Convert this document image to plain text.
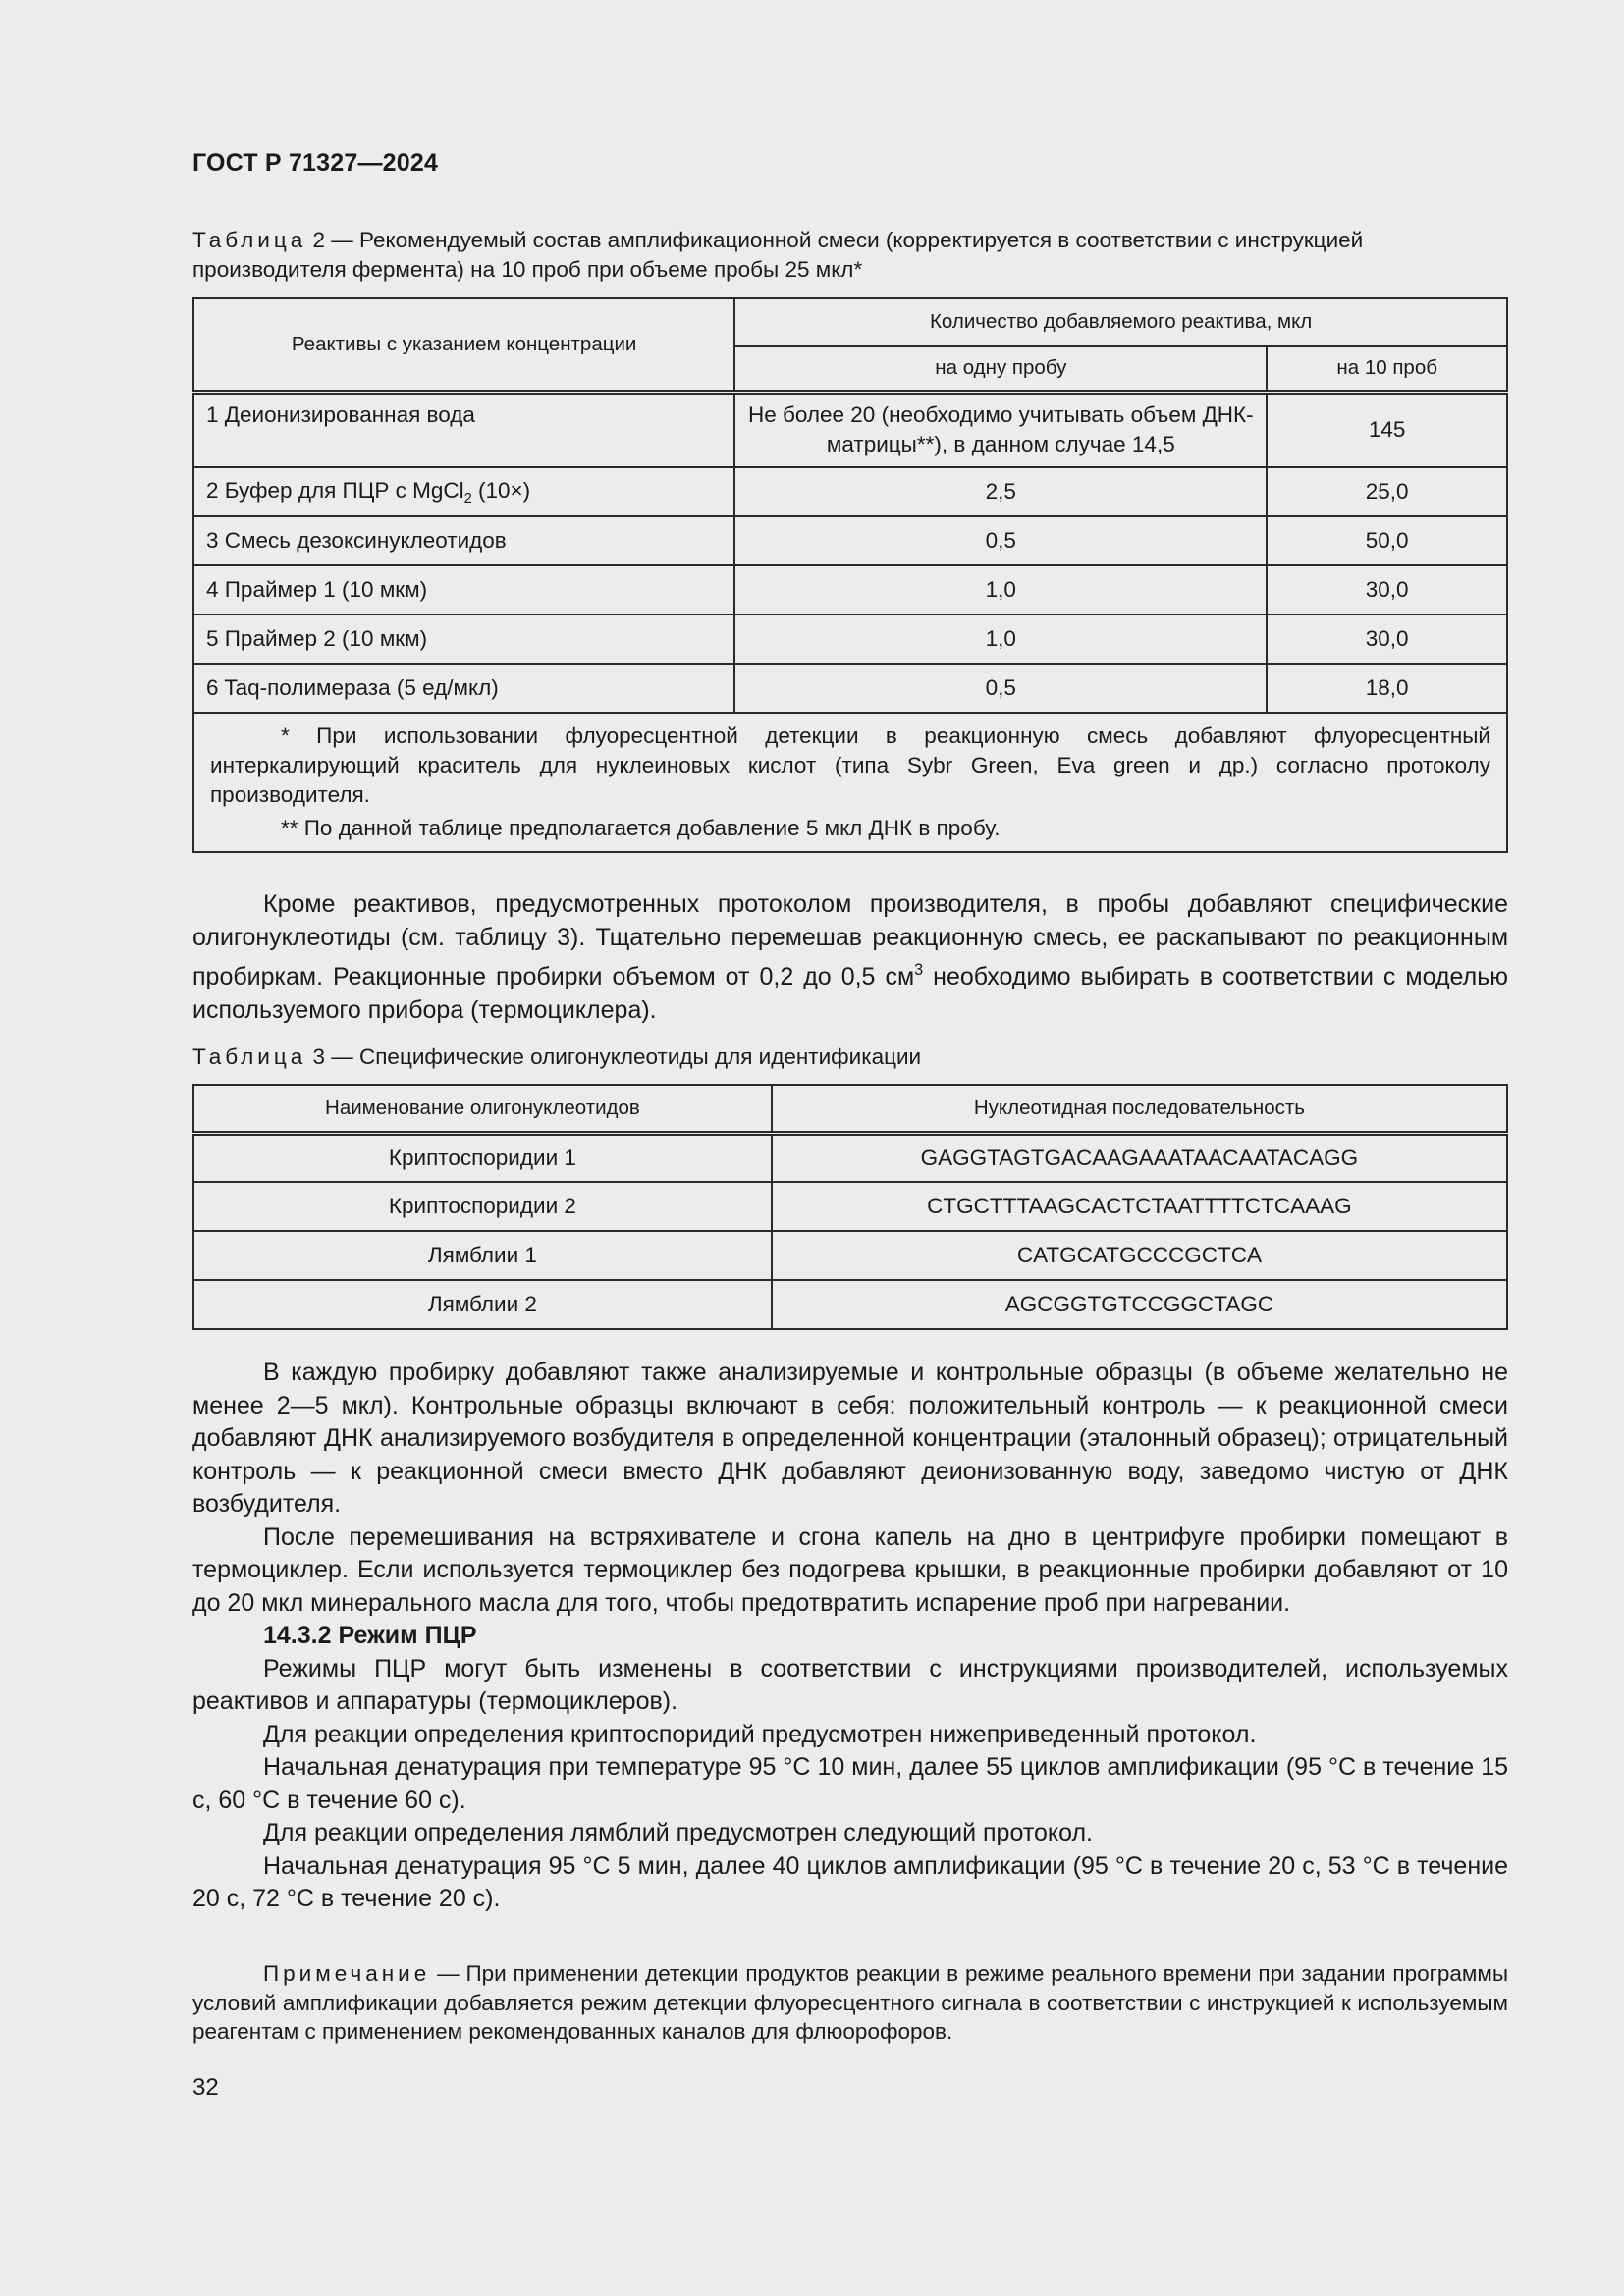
ГОСТ Р 71327—2024
Таблица 2 — Рекомендуемый состав амплификационной смеси (корректируется в соответствии с инструкцией производителя фермента) на 10 проб при объеме пробы 25 мкл*
Реактивы с указанием концентрации	Количество добавляемого реактива, мкл	
	на одну пробу	на 10 проб
1 Деионизированная вода	Не более 20 (необходимо учитывать объем ДНК-матрицы**), в данном случае 14,5	145
2 Буфер для ПЦР с MgCl$_2$ (10×)	2,5	25,0
3 Смесь дезоксинуклеотидов	0,5	50,0
4 Праймер 1 (10 мкм)	1,0	30,0
5 Праймер 2 (10 мкм)	1,0	30,0
6 Taq-полимераза (5 ед/мкл)	0,5	18,0

* При использовании флуоресцентной детекции в реакционную смесь добавляют флуоресцентный интеркалирующий краситель для нуклеиновых кислот (типа Sybr Green, Eva green и др.) согласно протоколу производителя.

** По данной таблице предполагается добавление 5 мкл ДНК в пробу.		

Кроме реактивов, предусмотренных протоколом производителя, в пробы добавляют специфические олигонуклеотиды (см. таблицу 3). Тщательно перемешав реакционную смесь, ее раскапывают по реакционным пробиркам. Реакционные пробирки объемом от 0,2 до 0,5 $см^3$ необходимо выбирать в соответствии с моделью используемого прибора (термоциклера).

Таблица 3 — Специфические олигонуклеотиды для идентификации
Наименование олигонуклеотидов	Нуклеотидная последовательность
Криптоспоридии 1	GAGGTAGTGACAAGAAATAACAATACAGG
Криптоспоридии 2	CTGCTTTAAGCACTCTAATTTTCTCAAAG
Лямблии 1	CATGCATGCCCGCTCA
Лямблии 2	AGCGGTGTCCGGCTAGC

В каждую пробирку добавляют также анализируемые и контрольные образцы (в объеме желательно не менее 2—5 мкл). Контрольные образцы включают в себя: положительный контроль — к реакционной смеси добавляют ДНК анализируемого возбудителя в определенной концентрации (эталонный образец); отрицательный контроль — к реакционной смеси вместо ДНК добавляют деионизованную воду, заведомо чистую от ДНК возбудителя.

После перемешивания на встряхивателе и сгона капель на дно в центрифуге пробирки помещают в термоциклер. Если используется термоциклер без подогрева крышки, в реакционные пробирки добавляют от 10 до 20 мкл минерального масла для того, чтобы предотвратить испарение проб при нагревании.

14.3.2 Режим ПЦР

Режимы ПЦР могут быть изменены в соответствии с инструкциями производителей, используемых реактивов и аппаратуры (термоциклеров).

Для реакции определения криптоспоридий предусмотрен нижеприведенный протокол.

Начальная денатурация при температуре 95 °С 10 мин, далее 55 циклов амплификации (95 °С в течение 15 с, 60 °С в течение 60 с).

Для реакции определения лямблий предусмотрен следующий протокол.

Начальная денатурация 95 °С 5 мин, далее 40 циклов амплификации (95 °С в течение 20 с, 53 °С в течение 20 с, 72 °С в течение 20 с).

Примечание — При применении детекции продуктов реакции в режиме реального времени при задании программы условий амплификации добавляется режим детекции флуоресцентного сигнала в соответствии с инструкцией к используемым реагентам с применением рекомендованных каналов для флюорофоров.

32
